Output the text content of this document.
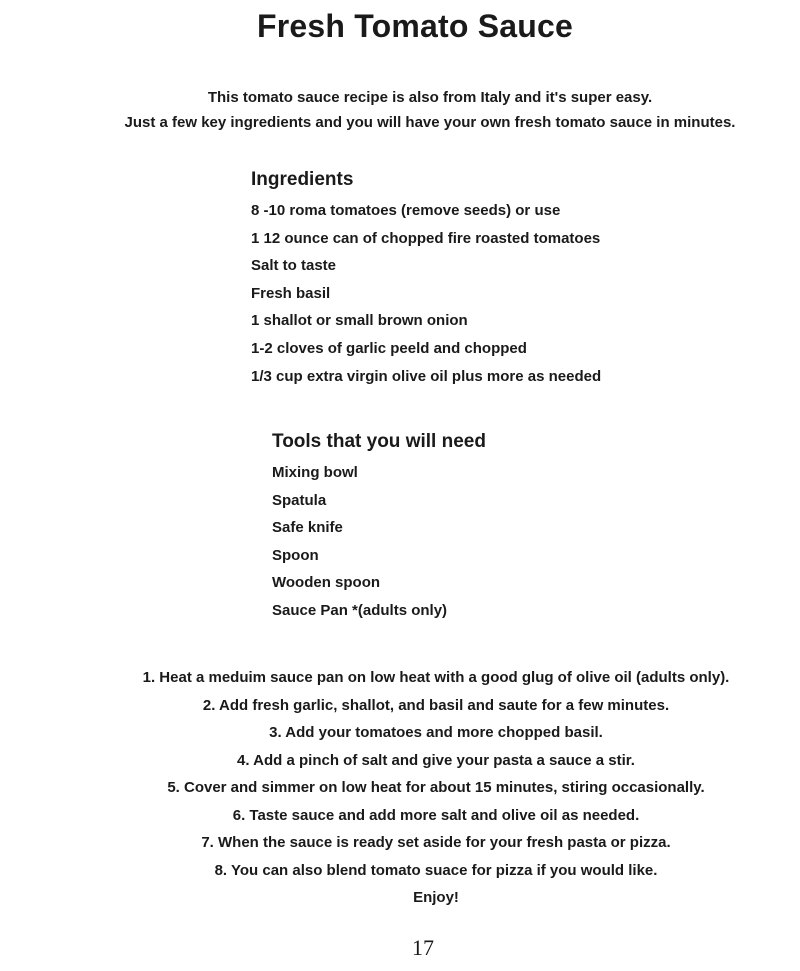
Fresh Tomato Sauce
This tomato sauce recipe is also from Italy and it's super easy.
Just a few key ingredients and you will have your own fresh tomato sauce in minutes.
Ingredients
8 -10 roma tomatoes (remove seeds) or use
1 12 ounce can of chopped fire roasted tomatoes
Salt to taste
Fresh basil
1 shallot or small brown onion
1-2 cloves of garlic peeld and chopped
1/3 cup extra virgin olive oil plus more as needed
Tools that you will need
Mixing bowl
Spatula
Safe knife
Spoon
Wooden spoon
Sauce Pan *(adults only)
1. Heat a meduim sauce pan on low heat with a good glug of olive oil (adults only).
2. Add fresh garlic, shallot, and basil and saute for a few minutes.
3. Add your tomatoes and more chopped basil.
4. Add a pinch of salt and give your pasta a sauce a stir.
5. Cover and simmer on low heat for about 15 minutes, stiring occasionally.
6. Taste sauce and add more salt and olive oil as needed.
7. When the sauce is ready set aside for your fresh pasta or pizza.
8. You can also blend tomato suace for pizza if you would like.
Enjoy!
17
